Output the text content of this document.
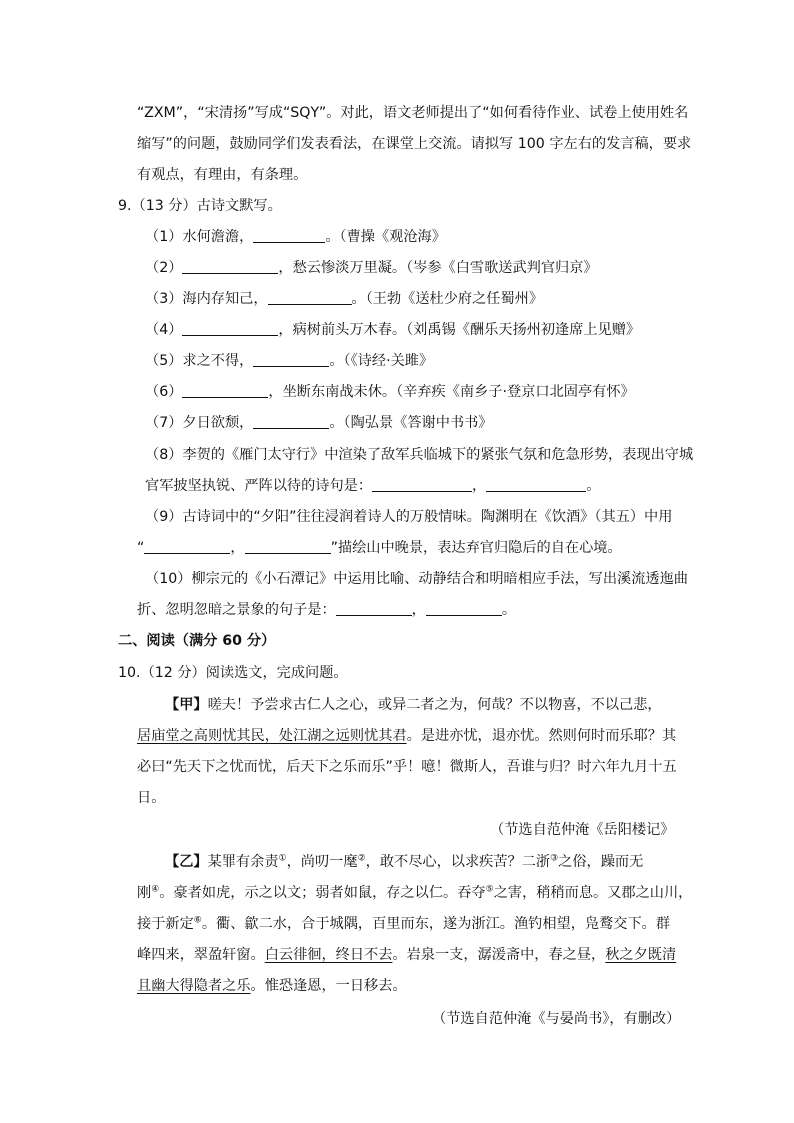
“ZXM”，“宋清扬”写成“SQY”。对此，语文老师提出了“如何看待作业、试卷上使用姓名
缩写”的问题，鼓励同学们发表看法，在课堂上交流。请拟写 100 字左右的发言稿，要求
有观点，有理由，有条理。
9.（13 分）古诗文默写。
（1）水何澹澹，	。（曹操《观沧海》
（2）	，愁云惨淡万里凝。（岑参《白雪歌送武判官归京》
（3）海内存知己，	。（王勃《送杜少府之任蜀州》
（4）	，病树前头万木春。（刘禹锡《酬乐天扬州初逢席上见赠》
（5）求之不得，	。（《诗经·关雎》
（6）	，坐断东南战未休。（辛弃疾《南乡子·登京口北固亭有怀》
（7）夕日欲颓，	。（陶弘景《答谢中书书》
（8）李贺的《雁门太守行》中渲染了敌军兵临城下的紧张气氛和危急形势，表现出守城
官军披坚执锐、严阵以待的诗句是：	，	。
（9）古诗词中的“夕阳”往往浸润着诗人的万般情味。陶渊明在《饮酒》（其五）中用
“	，	”描绘山中晚景，表达弃官归隐后的自在心境。
（10）柳宗元的《小石潭记》中运用比喻、动静结合和明暗相应手法，写出溪流透迤曲
折、忽明忽暗之景象的句子是：	，	。
二、阅读（满分 60 分）
10.（12 分）阅读选文，完成问题。
【甲】嗟夫！予尝求古仁人之心，或异二者之为，何哉？不以物喜，不以己悲，
居庙堂之高则忧其民，处江湖之远则忧其君。是进亦忧，退亦忧。然则何时而乐耶？其
必曰“先天下之忧而忧，后天下之乐而乐”乎！噫！微斯人，吾谁与归？时六年九月十五
日。
（节选自范仲淹《岳阳楼记》
【乙】某罪有余责①，尚叨一麾②，敢不尽心，以求疾苦？二浙③之俗，躁而无
刚④。豪者如虎，示之以文；弱者如鼠，存之以仁。吞夺⑤之害，稍稍而息。又郡之山川，
接于新定⑥。衢、歙二水，合于城隅，百里而东，遂为浙江。渔钓相望，凫鹜交下。群
峰四来，翠盈轩窗。白云徘徊，终日不去。岩泉一支，潺湲斋中，春之昼，秋之夕既清
且幽大得隐者之乐。惟恐逢恩，一日移去。
（节选自范仲淹《与晏尚书》，有删改）
